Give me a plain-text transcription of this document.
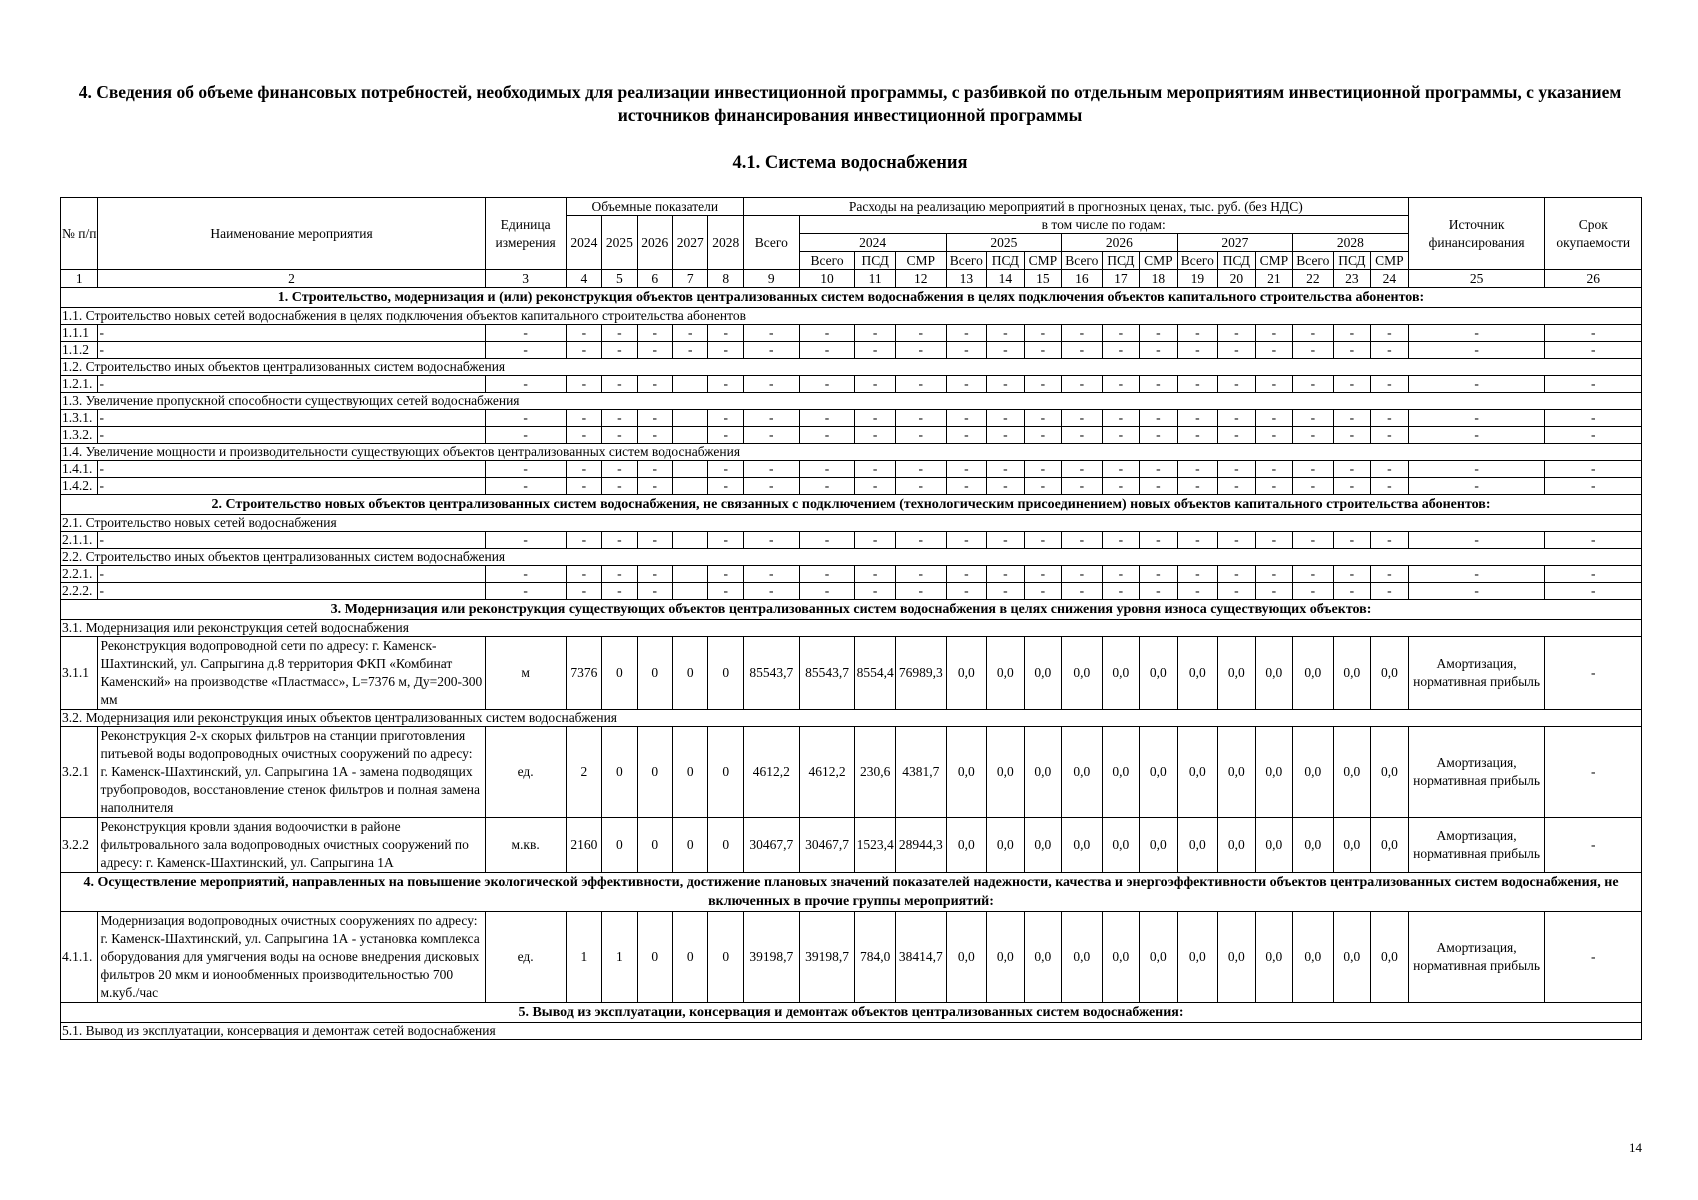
4. Сведения об объеме финансовых потребностей, необходимых для реализации инвестиционной программы, с разбивкой по отдельным мероприятиям инвестиционной программы, с указанием источников финансирования инвестиционной программы
4.1. Система водоснабжения
№ п/п	Наименование мероприятия	Единица измерения	Объемные показатели					Расходы на реализацию мероприятий в прогнозных ценах, тыс. руб. (без НДС)																Источник финансирования	Срок окупаемости
			2024	2025	2026	2027	2028	Всего	в том числе по годам:																
									2024			2025			2026			2027			2028				
									Всего	ПСД	СМР	Всего	ПСД	СМР	Всего	ПСД	СМР	Всего	ПСД	СМР	Всего	ПСД	СМР		
1	2	3	4	5	6	7	8	9	10	11	12	13	14	15	16	17	18	19	20	21	22	23	24	25	26
1. Строительство, модернизация и (или) реконструкция объектов централизованных систем водоснабжения в целях подключения объектов капитального строительства абонентов:																									
1.1. Строительство новых сетей водоснабжения в целях подключения объектов капитального строительства абонентов																									
1.1.1	-	-	-	-	-	-	-	-	-	-	-	-	-	-	-	-	-	-	-	-	-	-	-	-	-
1.1.2	-	-	-	-	-	-	-	-	-	-	-	-	-	-	-	-	-	-	-	-	-	-	-	-	-
1.2. Строительство иных объектов централизованных систем водоснабжения																									
1.2.1.	-	-	-	-	-		-	-	-	-	-	-	-	-	-	-	-	-	-	-	-	-	-	-	-
1.3. Увеличение пропускной способности существующих сетей водоснабжения																									
1.3.1.	-	-	-	-	-		-	-	-	-	-	-	-	-	-	-	-	-	-	-	-	-	-	-	-
1.3.2.	-	-	-	-	-		-	-	-	-	-	-	-	-	-	-	-	-	-	-	-	-	-	-	-
1.4. Увеличение мощности и производительности существующих объектов централизованных систем водоснабжения																									
1.4.1.	-	-	-	-	-		-	-	-	-	-	-	-	-	-	-	-	-	-	-	-	-	-	-	-
1.4.2.	-	-	-	-	-		-	-	-	-	-	-	-	-	-	-	-	-	-	-	-	-	-	-	-
2. Строительство новых объектов централизованных систем водоснабжения, не связанных с подключением (технологическим присоединением) новых объектов капитального строительства абонентов:																									
2.1. Строительство новых сетей водоснабжения																									
2.1.1.	-	-	-	-	-		-	-	-	-	-	-	-	-	-	-	-	-	-	-	-	-	-	-	-
2.2. Строительство иных объектов централизованных систем водоснабжения																									
2.2.1.	-	-	-	-	-		-	-	-	-	-	-	-	-	-	-	-	-	-	-	-	-	-	-	-
2.2.2.	-	-	-	-	-		-	-	-	-	-	-	-	-	-	-	-	-	-	-	-	-	-	-	-
3. Модернизация или реконструкция существующих объектов централизованных систем водоснабжения в целях снижения уровня износа существующих объектов:																									
3.1. Модернизация или реконструкция сетей водоснабжения																									
3.1.1	Реконструкция водопроводной сети по адресу: г. Каменск-Шахтинский, ул. Сапрыгина д.8 территория ФКП «Комбинат Каменский» на производстве «Пластмасс», L=7376 м, Ду=200-300 мм	м	7376	0	0	0	0	85543,7	85543,7	8554,4	76989,3	0,0	0,0	0,0	0,0	0,0	0,0	0,0	0,0	0,0	0,0	0,0	0,0	Амортизация, нормативная прибыль	-
3.2. Модернизация или реконструкция иных объектов централизованных систем водоснабжения																									
3.2.1	Реконструкция 2-х скорых фильтров на станции приготовления питьевой воды водопроводных очистных сооружений по адресу: г. Каменск-Шахтинский, ул. Сапрыгина 1А - замена подводящих трубопроводов, восстановление стенок фильтров и полная замена наполнителя	ед.	2	0	0	0	0	4612,2	4612,2	230,6	4381,7	0,0	0,0	0,0	0,0	0,0	0,0	0,0	0,0	0,0	0,0	0,0	0,0	Амортизация, нормативная прибыль	-
3.2.2	Реконструкция кровли здания водоочистки в районе фильтровального зала водопроводных очистных сооружений по адресу: г. Каменск-Шахтинский, ул. Сапрыгина 1А	м.кв.	2160	0	0	0	0	30467,7	30467,7	1523,4	28944,3	0,0	0,0	0,0	0,0	0,0	0,0	0,0	0,0	0,0	0,0	0,0	0,0	Амортизация, нормативная прибыль	-
4. Осуществление мероприятий, направленных на повышение экологической эффективности, достижение плановых значений показателей надежности, качества и энергоэффективности объектов централизованных систем водоснабжения, не включенных в прочие группы мероприятий:																									
4.1.1.	Модернизация водопроводных очистных сооружениях по адресу: г. Каменск-Шахтинский, ул. Сапрыгина 1А - установка комплекса оборудования для умягчения воды на основе внедрения дисковых фильтров 20 мкм и ионообменных производительностью 700 м.куб./час	ед.	1	1	0	0	0	39198,7	39198,7	784,0	38414,7	0,0	0,0	0,0	0,0	0,0	0,0	0,0	0,0	0,0	0,0	0,0	0,0	Амортизация, нормативная прибыль	-
5. Вывод из эксплуатации, консервация и демонтаж объектов централизованных систем водоснабжения:																									
5.1. Вывод из эксплуатации, консервация и демонтаж сетей водоснабжения																									
14
